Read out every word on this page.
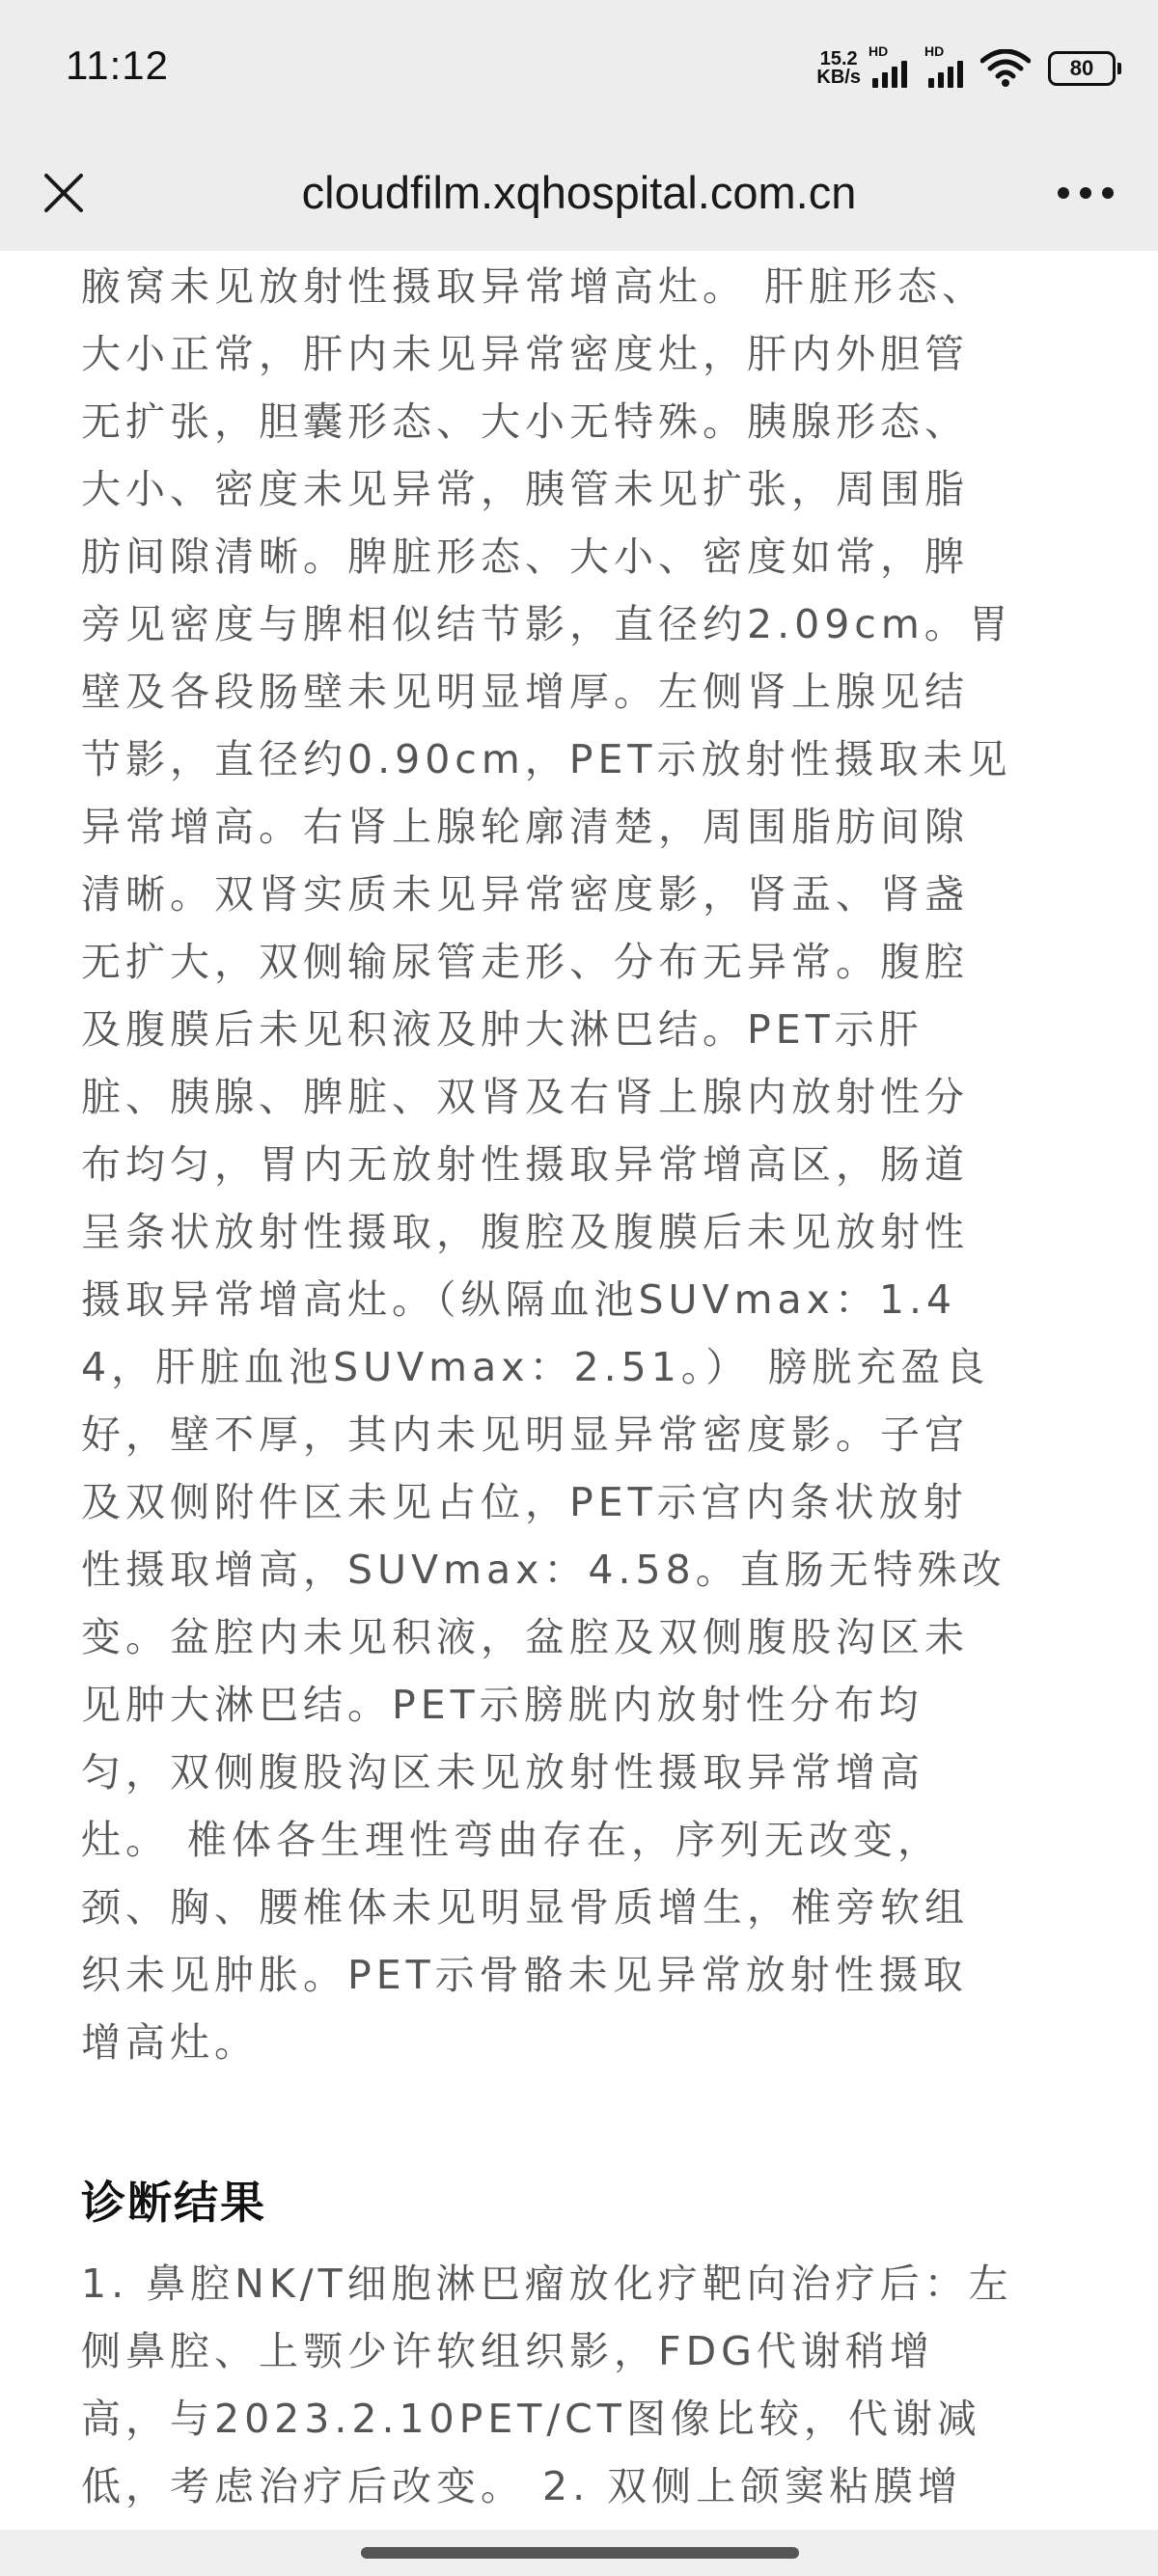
11:12	15.2
KB/s
HD	HD
80
cloudfilm.xqhospital.com.cn
腋窝未见放射性摄取异常增高灶。 肝脏形态、
大小正常，肝内未见异常密度灶，肝内外胆管
无扩张，胆囊形态、大小无特殊。胰腺形态、
大小、密度未见异常，胰管未见扩张，周围脂
肪间隙清晰。脾脏形态、大小、密度如常，脾
旁见密度与脾相似结节影，直径约2.09cm。胃
壁及各段肠壁未见明显增厚。左侧肾上腺见结
节影，直径约0.90cm，PET示放射性摄取未见
异常增高。右肾上腺轮廓清楚，周围脂肪间隙
清晰。双肾实质未见异常密度影，肾盂、肾盏
无扩大，双侧输尿管走形、分布无异常。腹腔
及腹膜后未见积液及肿大淋巴结。PET示肝
脏、胰腺、脾脏、双肾及右肾上腺内放射性分
布均匀，胃内无放射性摄取异常增高区，肠道
呈条状放射性摄取，腹腔及腹膜后未见放射性
摄取异常增高灶。（纵隔血池SUVmax：1.4
4，肝脏血池SUVmax：2.51。） 膀胱充盈良
好，壁不厚，其内未见明显异常密度影。子宫
及双侧附件区未见占位，PET示宫内条状放射
性摄取增高，SUVmax：4.58。直肠无特殊改
变。盆腔内未见积液，盆腔及双侧腹股沟区未
见肿大淋巴结。PET示膀胱内放射性分布均
匀，双侧腹股沟区未见放射性摄取异常增高
灶。 椎体各生理性弯曲存在，序列无改变，
颈、胸、腰椎体未见明显骨质增生，椎旁软组
织未见肿胀。PET示骨骼未见异常放射性摄取
增高灶。
诊断结果
1. 鼻腔NK/T细胞淋巴瘤放化疗靶向治疗后：左
侧鼻腔、上颚少许软组织影，FDG代谢稍增
高，与2023.2.10PET/CT图像比较，代谢减
低，考虑治疗后改变。 2. 双侧上颌窦粘膜增
